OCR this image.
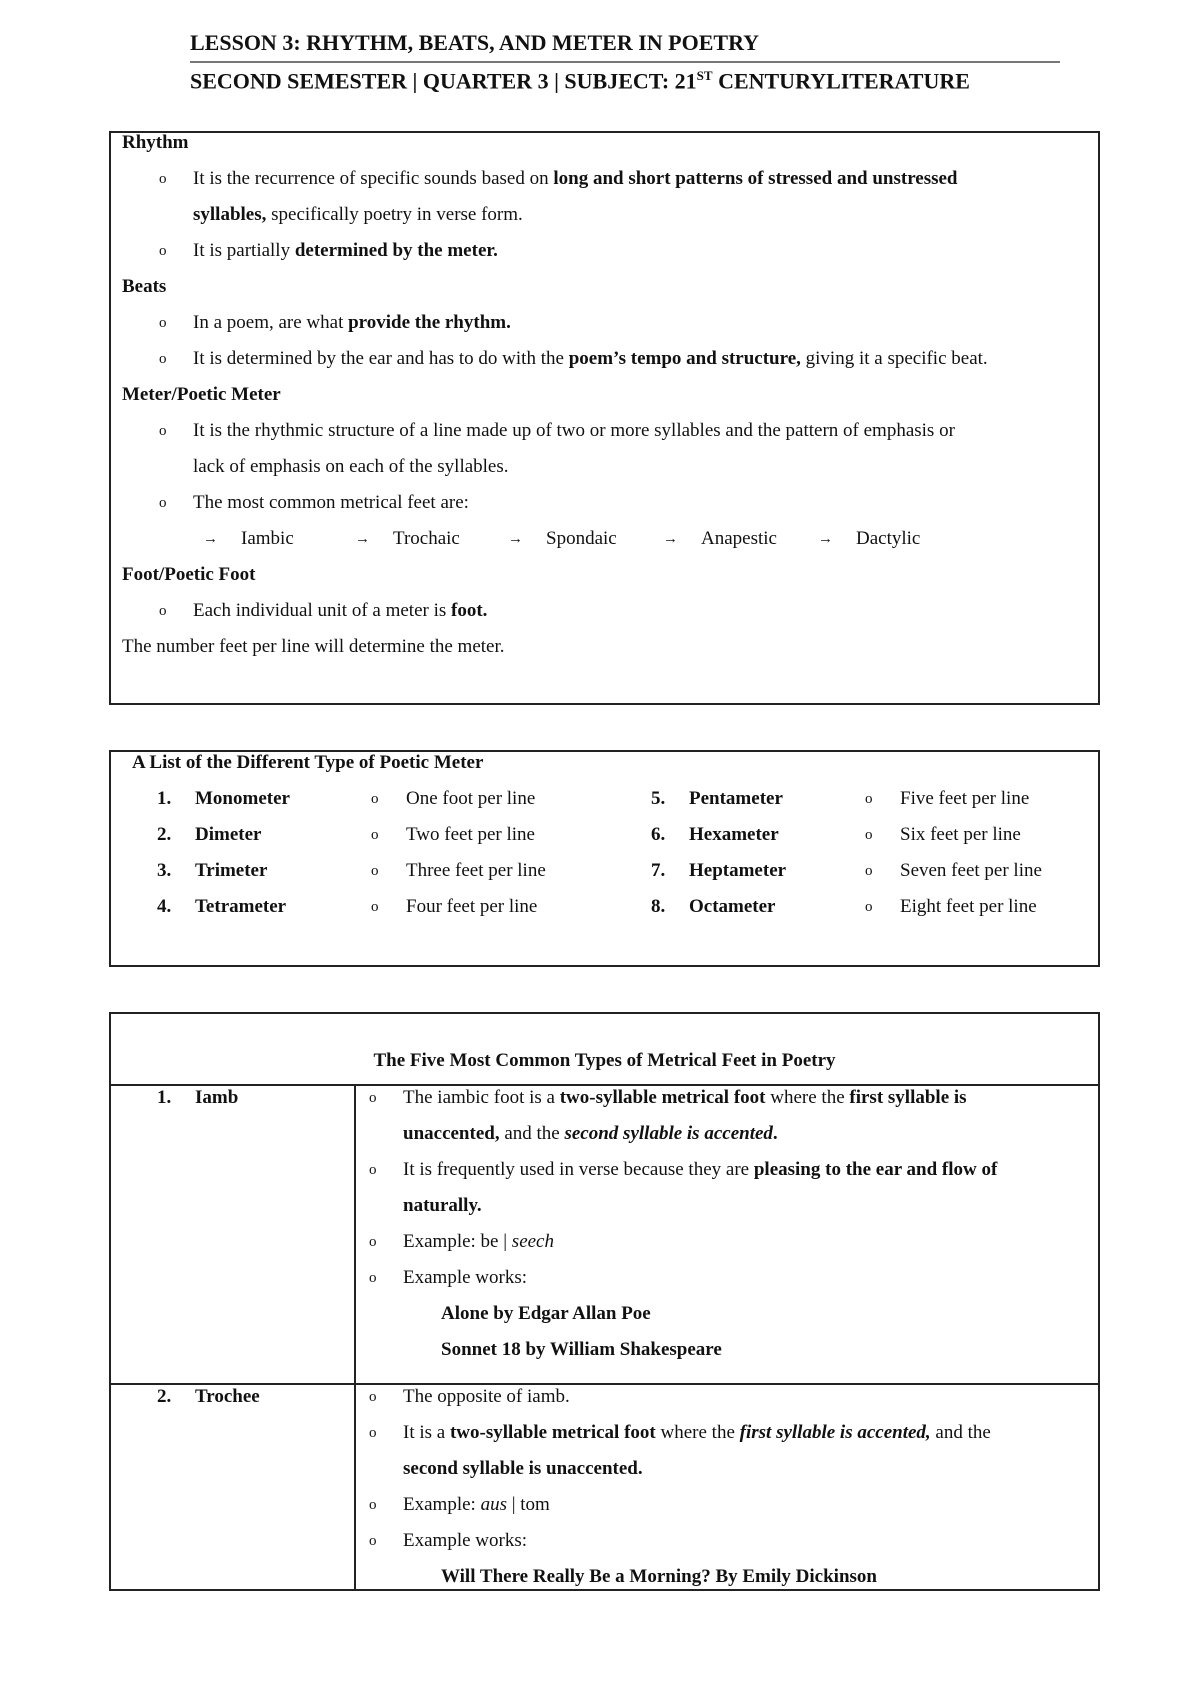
LESSON 3: RHYTHM, BEATS, AND METER IN POETRY
SECOND SEMESTER | QUARTER 3 | SUBJECT: 21ST CENTURYLITERATURE
Rhythm
o It is the recurrence of specific sounds based on long and short patterns of stressed and unstressed
syllables, specifically poetry in verse form.
o It is partially determined by the meter.
Beats
o In a poem, are what provide the rhythm.
o It is determined by the ear and has to do with the poem’s tempo and structure, giving it a specific beat.
Meter/Poetic Meter
o It is the rhythmic structure of a line made up of two or more syllables and the pattern of emphasis or
lack of emphasis on each of the syllables.
o The most common metrical feet are:
→ Iambic	→ Trochaic	→ Spondaic	→ Anapestic	→ Dactylic
Foot/Poetic Foot
o Each individual unit of a meter is foot.
The number feet per line will determine the meter.
A List of the Different Type of Poetic Meter
1. Monometer	o One foot per line	5. Pentameter	o Five feet per line
2. Dimeter	o Two feet per line	6. Hexameter	o Six feet per line
3. Trimeter	o Three feet per line	7. Heptameter	o Seven feet per line
4. Tetrameter	o Four feet per line	8. Octameter	o Eight feet per line
The Five Most Common Types of Metrical Feet in Poetry
1. Iamb	o The iambic foot is a two-syllable metrical foot where the first syllable is
unaccented, and the second syllable is accented.
o It is frequently used in verse because they are pleasing to the ear and flow of
naturally.
o Example: be | seech
o Example works:
Alone by Edgar Allan Poe
Sonnet 18 by William Shakespeare
2. Trochee	o The opposite of iamb.
o It is a two-syllable metrical foot where the first syllable is accented, and the
second syllable is unaccented.
o Example: aus | tom
o Example works:
Will There Really Be a Morning? By Emily Dickinson
